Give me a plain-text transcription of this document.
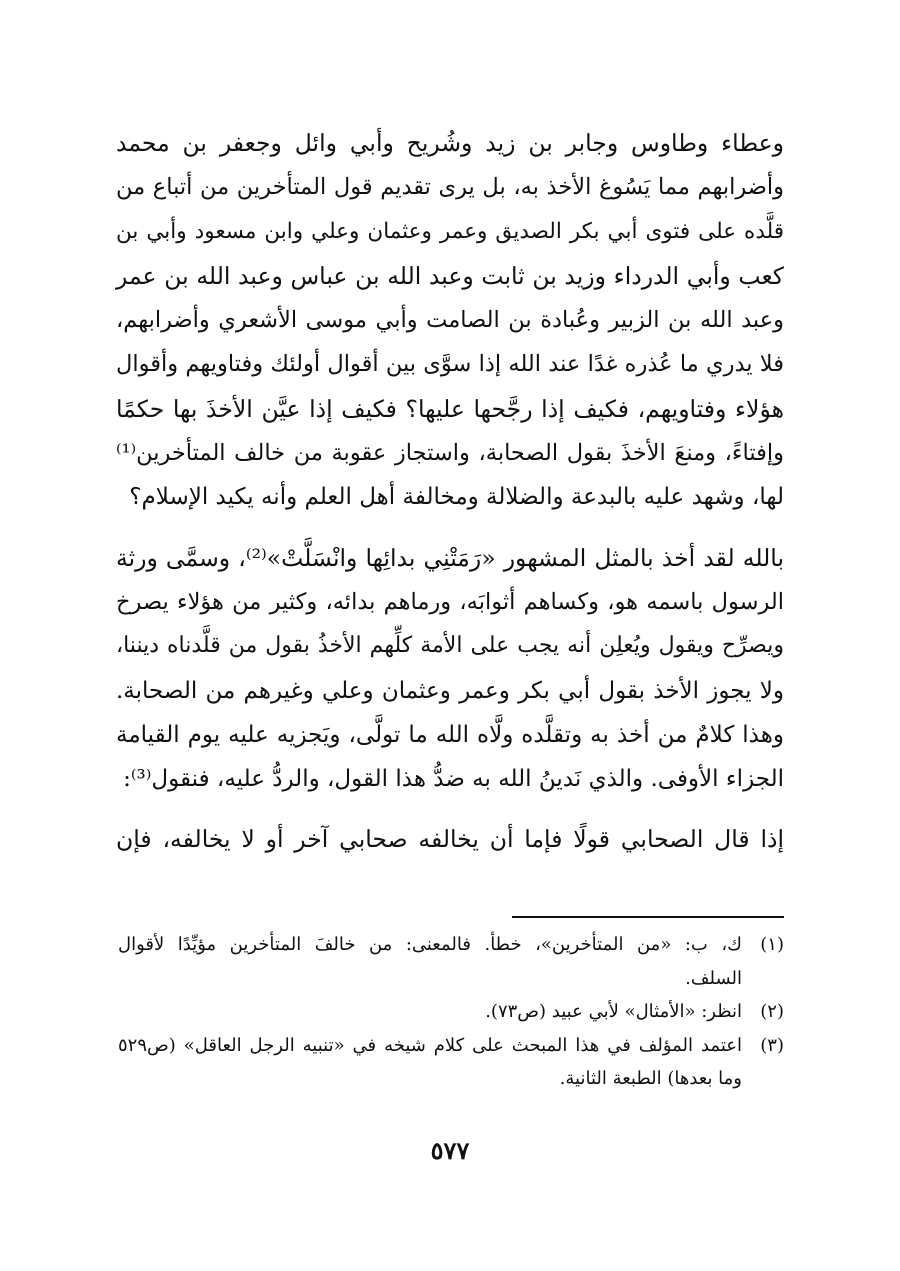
وعطاء وطاوس وجابر بن زيد وشُريح وأبي وائل وجعفر بن محمد
وأضرابهم مما يَسُوغ الأخذ به، بل يرى تقديم قول المتأخرين من أتباع من
قلَّده على فتوى أبي بكر الصديق وعمر وعثمان وعلي وابن مسعود وأبي بن
كعب وأبي الدرداء وزيد بن ثابت وعبد الله بن عباس وعبد الله بن عمر
وعبد الله بن الزبير وعُبادة بن الصامت وأبي موسى الأشعري وأضرابهم،
فلا يدري ما عُذره غدًا عند الله إذا سوَّى بين أقوال أولئك وفتاويهم وأقوال
هؤلاء وفتاويهم، فكيف إذا رجَّحها عليها؟ فكيف إذا عيَّن الأخذَ بها حكمًا
وإفتاءً، ومنعَ الأخذَ بقول الصحابة، واستجاز عقوبة من خالف المتأخرين⁽¹⁾
لها، وشهد عليه بالبدعة والضلالة ومخالفة أهل العلم وأنه يكيد الإسلام؟
بالله لقد أخذ بالمثل المشهور «رَمَتْنِي بدائِها وانْسَلَّتْ»⁽²⁾، وسمَّى ورثة
الرسول باسمه هو، وكساهم أثوابَه، ورماهم بدائه، وكثير من هؤلاء يصرخ
ويصرِّح ويقول ويُعلِن أنه يجب على الأمة كلِّهم الأخذُ بقول من قلَّدناه ديننا،
ولا يجوز الأخذ بقول أبي بكر وعمر وعثمان وعلي وغيرهم من الصحابة.
وهذا كلامٌ من أخذ به وتقلَّده ولَّاه الله ما تولَّى، ويَجزيه عليه يوم القيامة
الجزاء الأوفى. والذي نَدينُ الله به ضدُّ هذا القول، والردُّ عليه، فنقول⁽³⁾:
إذا قال الصحابي قولًا فإما أن يخالفه صحابي آخر أو لا يخالفه، فإن
(١)
ك، ب: «من المتأخرين»، خطأ. فالمعنى: من خالفَ المتأخرين مؤيِّدًا لأقوال
السلف.
(٢)
انظر: «الأمثال» لأبي عبيد (ص٧٣).
(٣)
اعتمد المؤلف في هذا المبحث على كلام شيخه في «تنبيه الرجل العاقل» (ص٥٢٩
وما بعدها) الطبعة الثانية.
٥٧٧
